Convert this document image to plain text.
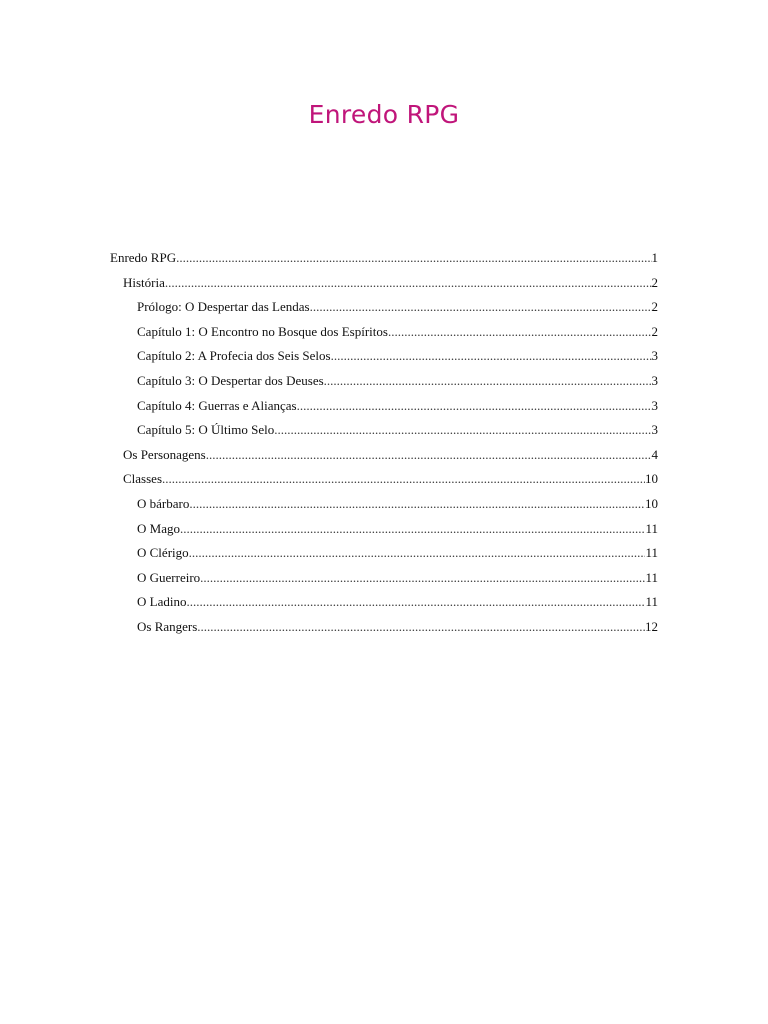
Enredo RPG
Enredo RPG .....	1
História .....	2
Prólogo: O Despertar das Lendas .....	2
Capítulo 1: O Encontro no Bosque dos Espíritos .....	2
Capítulo 2: A Profecia dos Seis Selos .....	3
Capítulo 3: O Despertar dos Deuses .....	3
Capítulo 4: Guerras e Alianças .....	3
Capítulo 5: O Último Selo .....	3
Os Personagens .....	4
Classes .....	10
O bárbaro .....	10
O Mago .....	11
O Clérigo .....	11
O Guerreiro .....	11
O Ladino .....	11
Os Rangers .....	12
